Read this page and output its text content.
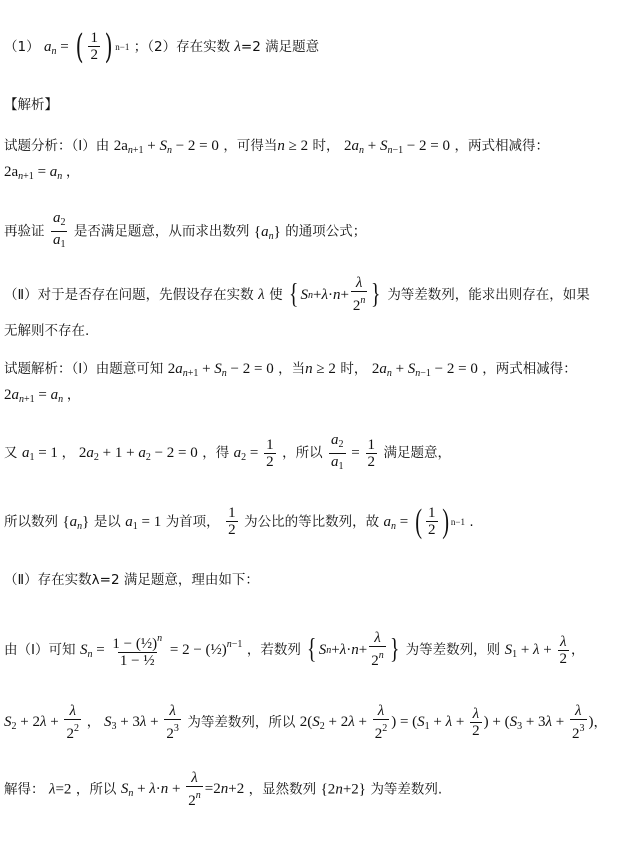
（1） $a_n$ = ( 1
2 ) n−1 ；（2）存在实数 λ=2 满足题意
【解析】
试题分析：（Ⅰ）由 $2a_{n+1} + S_n - 2 = 0$ ，可得当n ≥ 2 时， $2a_n + S_{n-1} - 2 = 0$ ，两式相减得：
$2a_{n+1} = a_n$ ，
再验证 $\frac{a_2}{a_1}$ 是否满足题意，从而求出数列 $\{a_n\}$ 的通项公式；
（Ⅱ）对于是否存在问题，先假设存在实数 λ 使 { S n + λ · n +
λ
2$^n$ } 为等差数列，能求出则存在，如果
无解则不存在.
试题解析：（Ⅰ）由题意可知 $2a_{n+1} + S_n - 2 = 0$ ，当n ≥ 2 时， $2a_n + S_{n-1} - 2 = 0$ ，两式相减得：
$2a_{n+1} = a_n$ ，
又 $a_1 = 1$ ， $2a_2 + 1 + a_2 - 2 = 0$ ，得 $a_2 = \frac{1}{2}$ ，所以 $\frac{a_2}{a_1} = \frac{1}{2}$ 满足题意，
所以数列 $\{a_n\}$ 是以 $a_1 = 1$ 为首项， $\frac{1}{2}$ 为公比的等比数列，故 $a_n$ = ( 1
2 ) n−1 .
（Ⅱ）存在实数λ=2 满足题意，理由如下：
由（Ⅰ）可知 $S_n = \frac{1 - (\frac{1}{2})^n}{\text{1 − ½}} = 2$ − (½)$^{n-1}$ ，若数列 { S n + λ · n +
λ
2$^n$ } 为等差数列，则 $S_1 + \lambda + \frac{\lambda}{2}$ ，
$S_2 + 2\lambda + \frac{\lambda}{2^2}$ ， $S_3 + 3\lambda + \frac{\lambda}{2^3}$ 为等差数列，所以 $2(S_2 + 2\lambda + \frac{\lambda}{2^2}$ ) = ($S_1 + \lambda + \frac{\lambda}{2}$ ) + ($S_3 + 3\lambda + \frac{\lambda}{2^3}$ )，
解得： λ=2 ，所以 $S_n + \lambda\cdot n + \frac{\lambda}{2^n} =2n+2$ ，显然数列 {2n+2} 为等差数列.
